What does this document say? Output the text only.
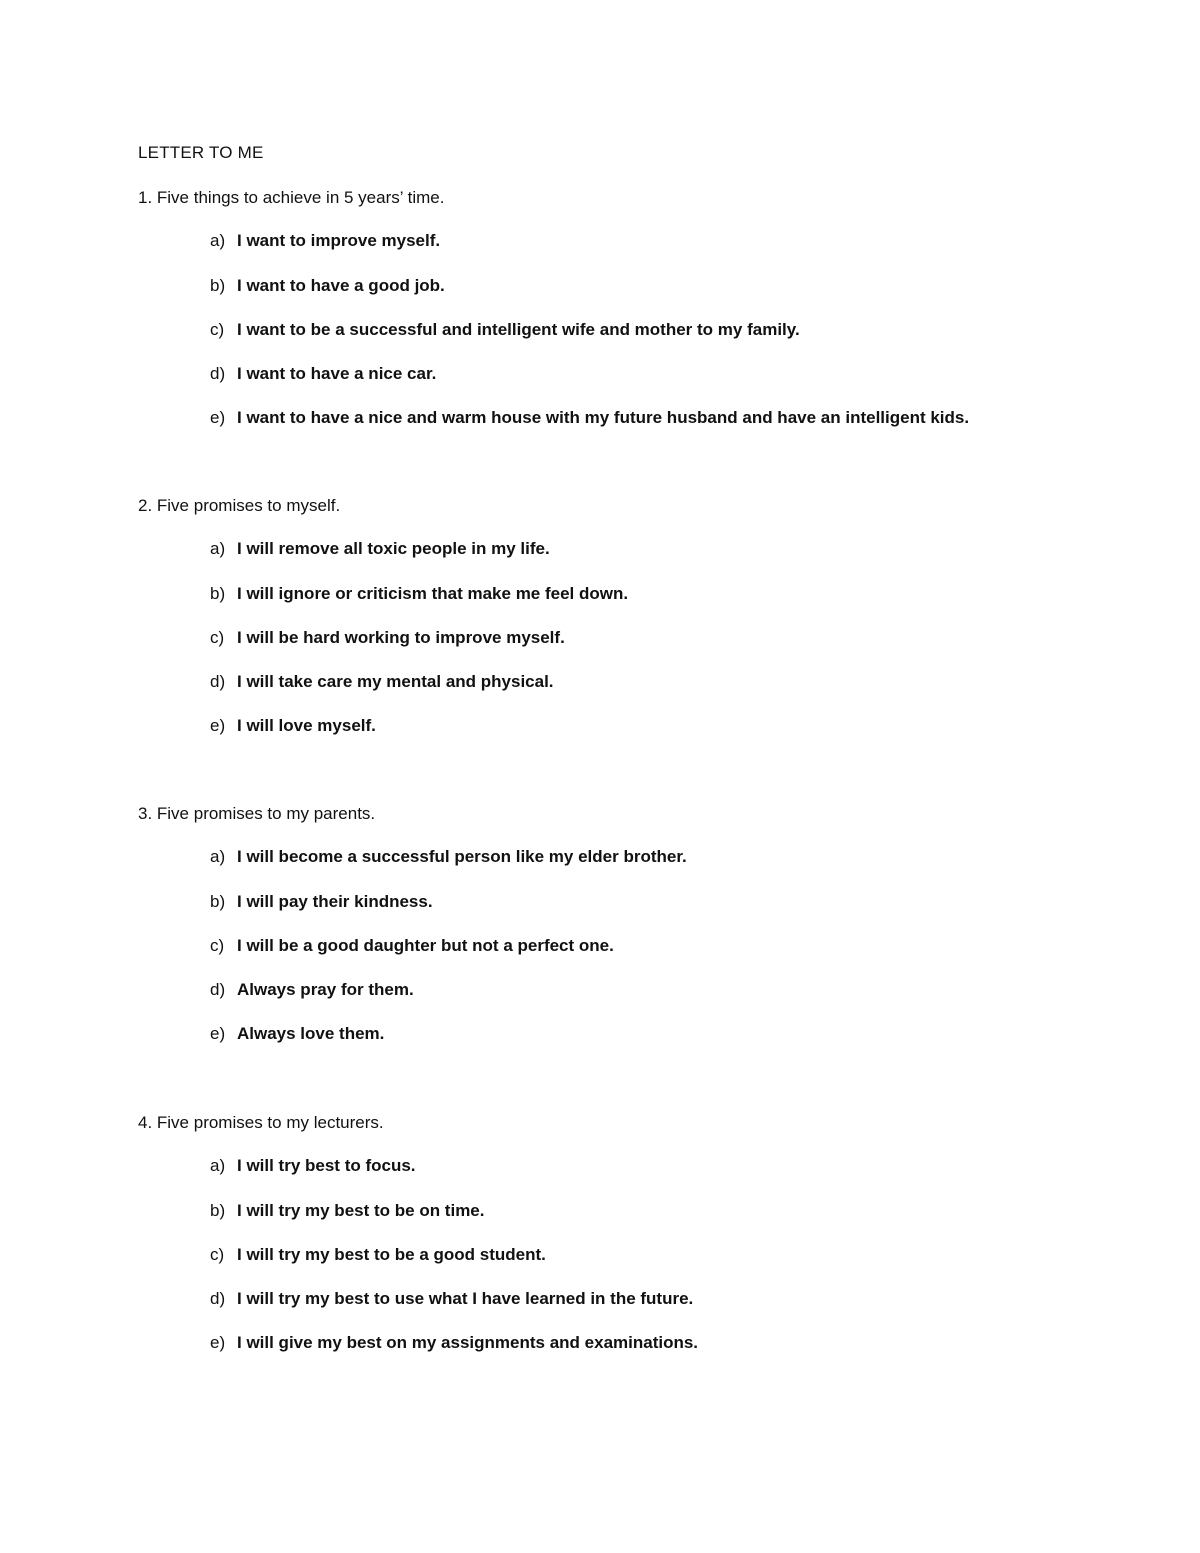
LETTER TO ME
1. Five things to achieve in 5 years’ time.
a) I want to improve myself.
b) I want to have a good job.
c) I want to be a successful and intelligent wife and mother to my family.
d) I want to have a nice car.
e) I want to have a nice and warm house with my future husband and have an intelligent kids.
2. Five promises to myself.
a) I will remove all toxic people in my life.
b) I will ignore or criticism that make me feel down.
c) I will be hard working to improve myself.
d) I will take care my mental and physical.
e) I will love myself.
3. Five promises to my parents.
a) I will become a successful person like my elder brother.
b) I will pay their kindness.
c) I will be a good daughter but not a perfect one.
d) Always pray for them.
e) Always love them.
4. Five promises to my lecturers.
a) I will try best to focus.
b) I will try my best to be on time.
c) I will try my best to be a good student.
d) I will try my best to use what I have learned in the future.
e) I will give my best on my assignments and examinations.
